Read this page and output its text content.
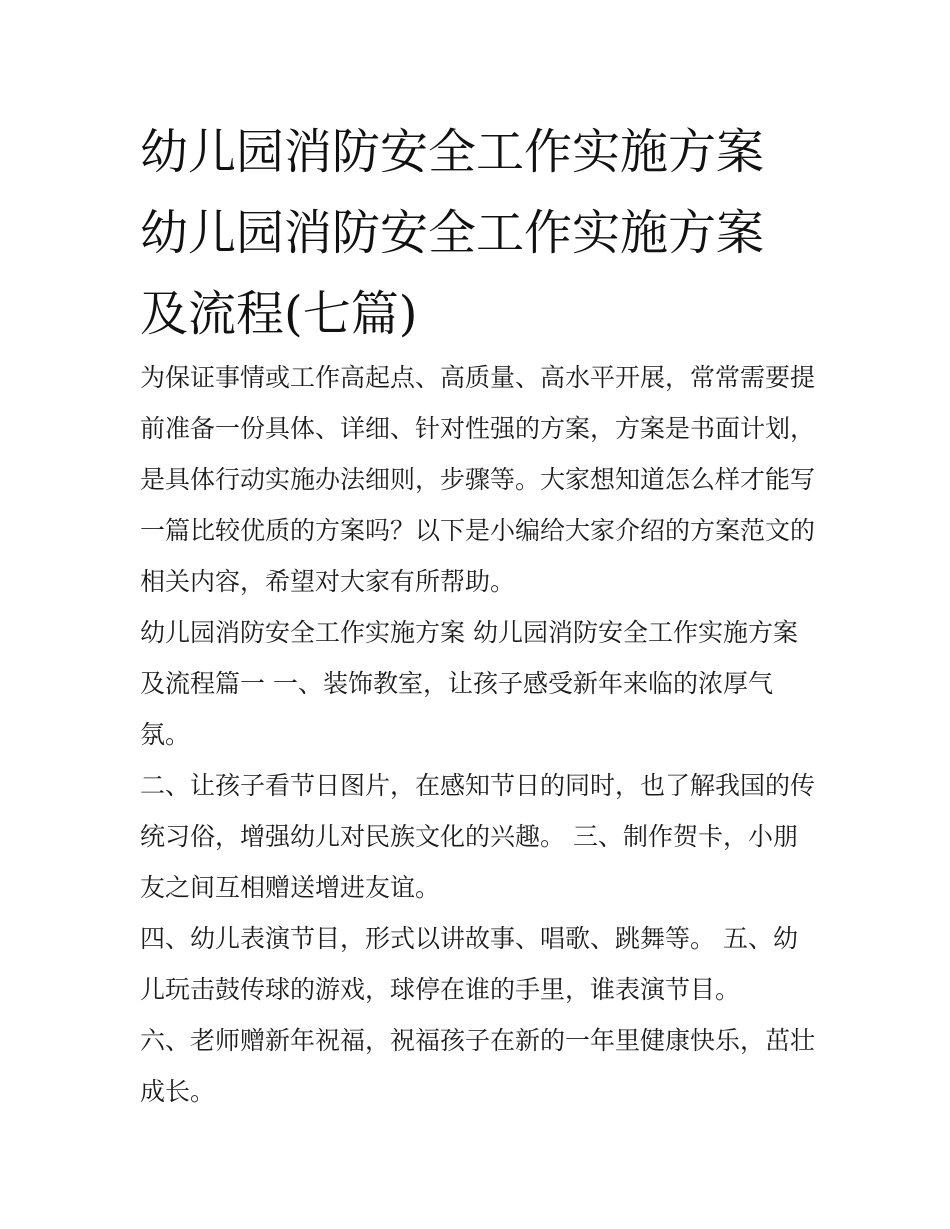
幼儿园消防安全工作实施方案
幼儿园消防安全工作实施方案
及流程(七篇)

为保证事情或工作高起点、高质量、高水平开展，常常需要提
前准备一份具体、详细、针对性强的方案，方案是书面计划，
是具体行动实施办法细则，步骤等。大家想知道怎么样才能写
一篇比较优质的方案吗？以下是小编给大家介绍的方案范文的
相关内容，希望对大家有所帮助。

幼儿园消防安全工作实施方案 幼儿园消防安全工作实施方案
及流程篇一 一、装饰教室，让孩子感受新年来临的浓厚气
氛。

二、让孩子看节日图片，在感知节日的同时，也了解我国的传
统习俗，增强幼儿对民族文化的兴趣。 三、制作贺卡，小朋
友之间互相赠送增进友谊。

四、幼儿表演节目，形式以讲故事、唱歌、跳舞等。 五、幼
儿玩击鼓传球的游戏，球停在谁的手里，谁表演节目。

六、老师赠新年祝福，祝福孩子在新的一年里健康快乐，茁壮
成长。
